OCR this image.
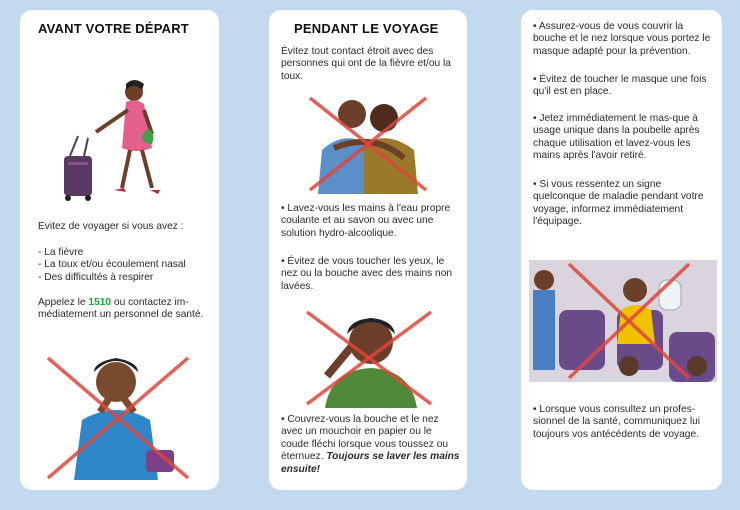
AVANT VOTRE DÉPART

Evitez de voyager si vous avez :

- La fièvre
- La toux et/ou écoulement nasal
- Des difficultés à respirer

Appelez le 1510 ou contactez im-médiatement un personnel de santé.

PENDANT LE VOYAGE

Évitez tout contact étroit avec des personnes qui ont de la fièvre et/ou la toux.

• Lavez-vous les mains à l'eau propre coulante et au savon ou avec une solution hydro-alcoolique.

• Évitez de vous toucher les yeux, le nez ou la bouche avec des mains non lavées.

• Couvrez-vous la bouche et le nez avec un mouchoir en papier ou le coude fléchi lorsque vous toussez ou éternuez. Toujours se laver les mains ensuite!

• Assurez-vous de vous couvrir la bouche et le nez lorsque vous portez le masque adapté pour la prévention.

• Évitez de toucher le masque une fois qu'il est en place.

• Jetez immédiatement le mas-que à usage unique dans la poubelle après chaque utilisation et lavez-vous les mains après l'avoir retiré.

• Si vous ressentez un signe quelconque de maladie pendant votre voyage, informez immédiatement l'équipage.

• Lorsque vous consultez un profes-sionnel de la santé, communiquez lui toujours vos antécédents de voyage.
